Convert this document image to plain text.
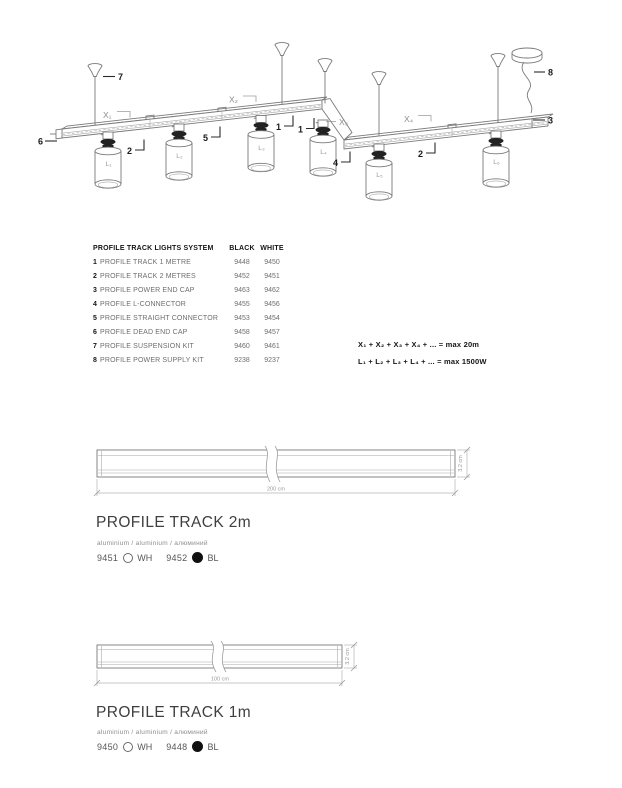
L₁
L₂
L₃
L₄
L₅
L₆
X₁
X₂
X₃	X₄
7
6
2
5
1 1
4
2
3
8
PROFILE TRACK LIGHTS SYSTEM	BLACK WHITE
1 PROFILE TRACK 1 METRE	9448	9450
2 PROFILE TRACK 2 METRES	9452	9451
3 PROFILE POWER END CAP	9463	9462
4 PROFILE L-CONNECTOR	9455	9456
5 PROFILE STRAIGHT CONNECTOR	9453	9454
6 PROFILE DEAD END CAP	9458	9457
7 PROFILE SUSPENSION KIT	9460	9461
8 PROFILE POWER SUPPLY KIT	9238	9237
X₁ + X₂ + X₃ + X₄ + ... = max 20m
L₁ + L₂ + L₃ + L₄ + ... = max 1500W
200 cm
3.2 cm
PROFILE TRACK 2m
aluminium / aluminium / алюминий
9451 WH 9452 BL
100 cm
3.2 cm
PROFILE TRACK 1m
aluminium / aluminium / алюминий
9450 WH 9448 BL
